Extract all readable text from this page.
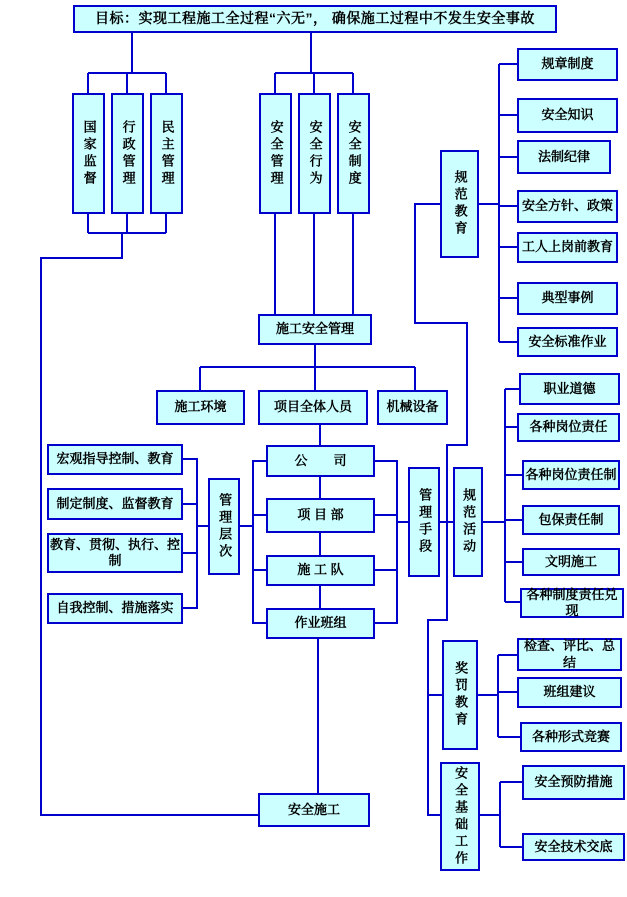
目标：实现工程施工全过程“六无”， 确保施工过程中不发生安全事故
国家监督	行政管理	民主管理	安全管理	安全行为	安全制度
施工安全管理
施工环境	项目全体人员	机械设备
公　　司
项 目 部
施 工 队
作业班组
管理层次
宏观指导控制、教育
制定制度、监督教育
教育、贯彻、执行、控制
自我控制、措施落实
管理手段	规范活动
规范教育
规章制度
安全知识
法制纪律
安全方针、政策
工人上岗前教育
典型事例
安全标准作业
职业道德
各种岗位责任
各种岗位责任制
包保责任制
文明施工
各种制度责任兑现
奖罚教育
检查、评比、总结
班组建议
各种形式竞赛
安全基础工作	安全预防措施
安全技术交底
安全施工
